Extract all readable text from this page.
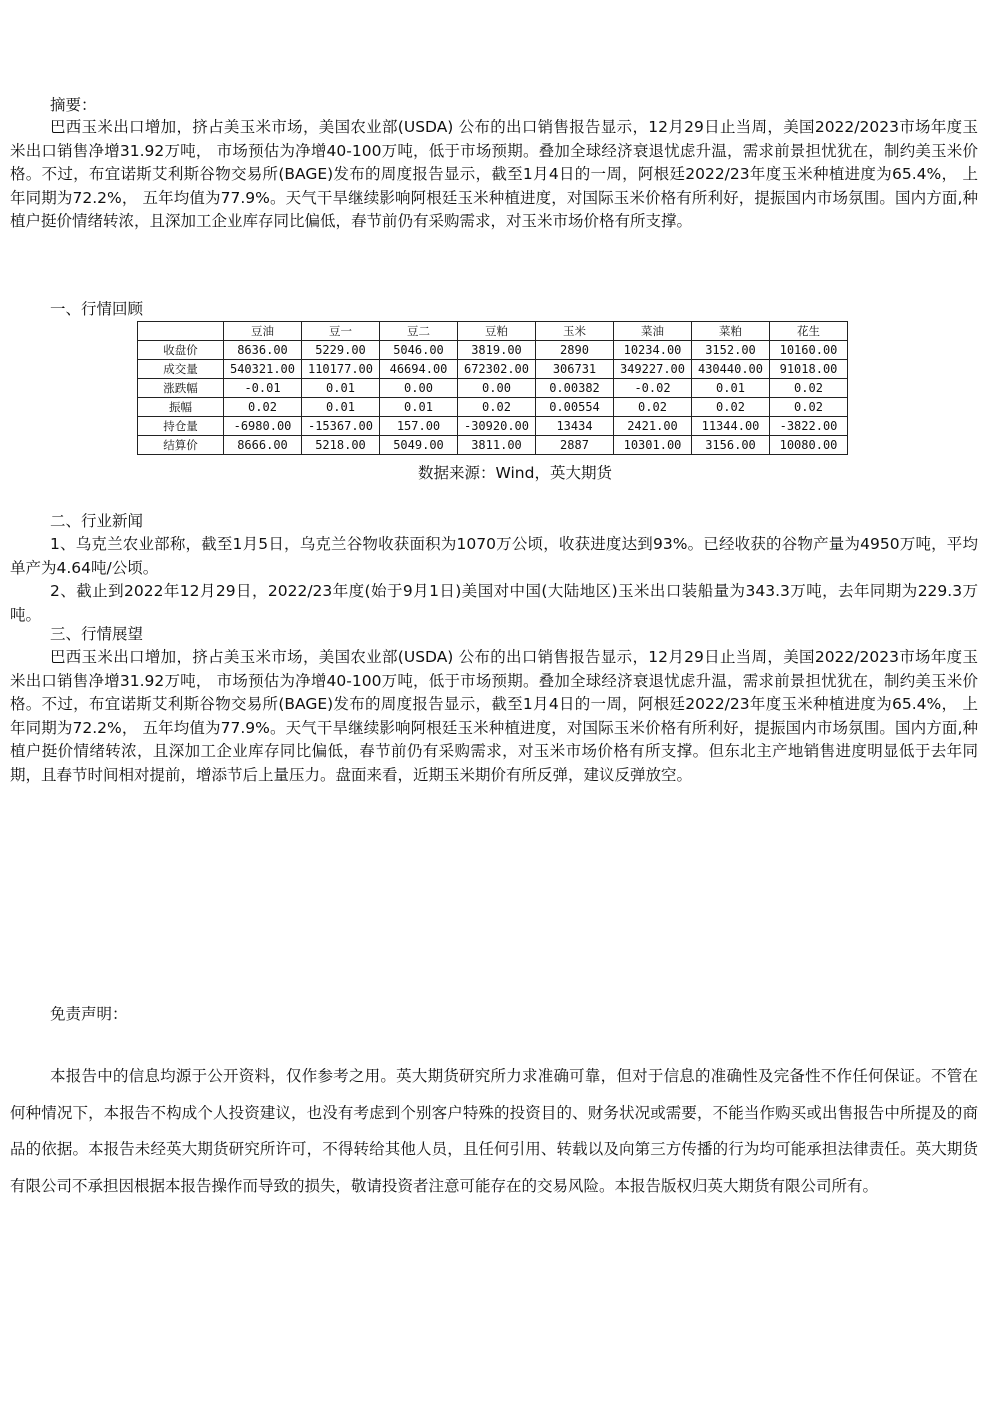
摘要：

巴西玉米出口增加，挤占美玉米市场，美国农业部(USDA) 公布的出口销售报告显示，12月29日止当周，美国2022/2023市场年度玉米出口销售净增31.92万吨， 市场预估为净增40-100万吨，低于市场预期。叠加全球经济衰退忧虑升温，需求前景担忧犹在，制约美玉米价格。不过，布宜诺斯艾利斯谷物交易所(BAGE)发布的周度报告显示，截至1月4日的一周，阿根廷2022/23年度玉米种植进度为65.4%， 上年同期为72.2%， 五年均值为77.9%。天气干旱继续影响阿根廷玉米种植进度，对国际玉米价格有所利好，提振国内市场氛围。国内方面,种植户挺价情绪转浓，且深加工企业库存同比偏低，春节前仍有采购需求，对玉米市场价格有所支撑。

一、行情回顾
	豆油	豆一	豆二	豆粕	玉米	菜油	菜粕	花生
收盘价	8636.00	5229.00	5046.00	3819.00	2890	10234.00	3152.00	10160.00
成交量	540321.00	110177.00	46694.00	672302.00	306731	349227.00	430440.00	91018.00
涨跌幅	-0.01	0.01	0.00	0.00	0.00382	-0.02	0.01	0.02
振幅	0.02	0.01	0.01	0.02	0.00554	0.02	0.02	0.02
持仓量	-6980.00	-15367.00	157.00	-30920.00	13434	2421.00	11344.00	-3822.00
结算价	8666.00	5218.00	5049.00	3811.00	2887	10301.00	3156.00	10080.00
数据来源：Wind，英大期货
二、行业新闻

1、乌克兰农业部称，截至1月5日，乌克兰谷物收获面积为1070万公顷，收获进度达到93%。已经收获的谷物产量为4950万吨，平均单产为4.64吨/公顷。

2、截止到2022年12月29日，2022/23年度(始于9月1日)美国对中国(大陆地区)玉米出口装船量为343.3万吨，去年同期为229.3万吨。

三、行情展望

巴西玉米出口增加，挤占美玉米市场，美国农业部(USDA) 公布的出口销售报告显示，12月29日止当周，美国2022/2023市场年度玉米出口销售净增31.92万吨， 市场预估为净增40-100万吨，低于市场预期。叠加全球经济衰退忧虑升温，需求前景担忧犹在，制约美玉米价格。不过，布宜诺斯艾利斯谷物交易所(BAGE)发布的周度报告显示，截至1月4日的一周，阿根廷2022/23年度玉米种植进度为65.4%， 上年同期为72.2%， 五年均值为77.9%。天气干旱继续影响阿根廷玉米种植进度，对国际玉米价格有所利好，提振国内市场氛围。国内方面,种植户挺价情绪转浓，且深加工企业库存同比偏低，春节前仍有采购需求，对玉米市场价格有所支撑。但东北主产地销售进度明显低于去年同期，且春节时间相对提前，增添节后上量压力。盘面来看，近期玉米期价有所反弹，建议反弹放空。

免责声明：

本报告中的信息均源于公开资料，仅作参考之用。英大期货研究所力求准确可靠，但对于信息的准确性及完备性不作任何保证。不管在何种情况下，本报告不构成个人投资建议，也没有考虑到个别客户特殊的投资目的、财务状况或需要，不能当作购买或出售报告中所提及的商品的依据。本报告未经英大期货研究所许可，不得转给其他人员，且任何引用、转载以及向第三方传播的行为均可能承担法律责任。英大期货有限公司不承担因根据本报告操作而导致的损失，敬请投资者注意可能存在的交易风险。本报告版权归英大期货有限公司所有。
